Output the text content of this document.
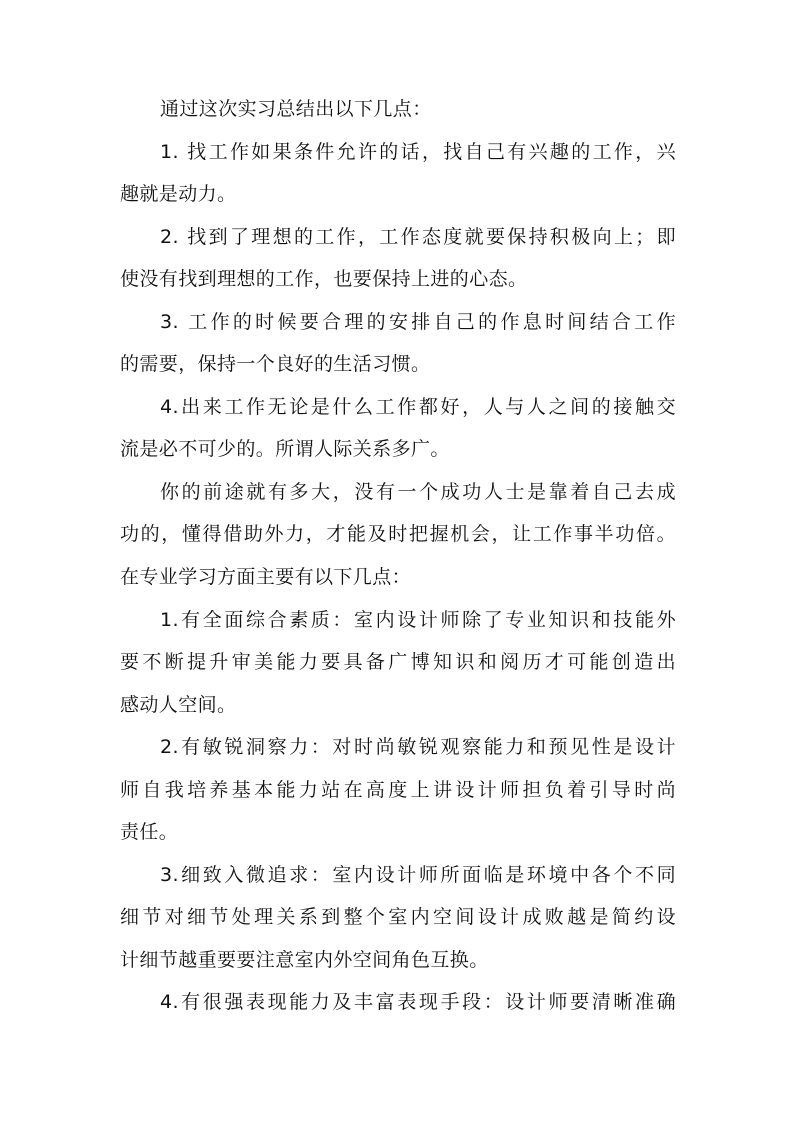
通过这次实习总结出以下几点：
1. 找工作如果条件允许的话，找自己有兴趣的工作，兴
趣就是动力。
2. 找到了理想的工作，工作态度就要保持积极向上；即
使没有找到理想的工作，也要保持上进的心态。
3. 工作的时候要合理的安排自己的作息时间结合工作
的需要，保持一个良好的生活习惯。
4.出来工作无论是什么工作都好，人与人之间的接触交
流是必不可少的。所谓人际关系多广。
你的前途就有多大，没有一个成功人士是靠着自己去成
功的，懂得借助外力，才能及时把握机会，让工作事半功倍。
在专业学习方面主要有以下几点：
1.有全面综合素质：室内设计师除了专业知识和技能外
要不断提升审美能力要具备广博知识和阅历才可能创造出
感动人空间。
2.有敏锐洞察力：对时尚敏锐观察能力和预见性是设计
师自我培养基本能力站在高度上讲设计师担负着引导时尚
责任。
3.细致入微追求：室内设计师所面临是环境中各个不同
细节对细节处理关系到整个室内空间设计成败越是简约设
计细节越重要要注意室内外空间角色互换。
4.有很强表现能力及丰富表现手段：设计师要清晰准确
